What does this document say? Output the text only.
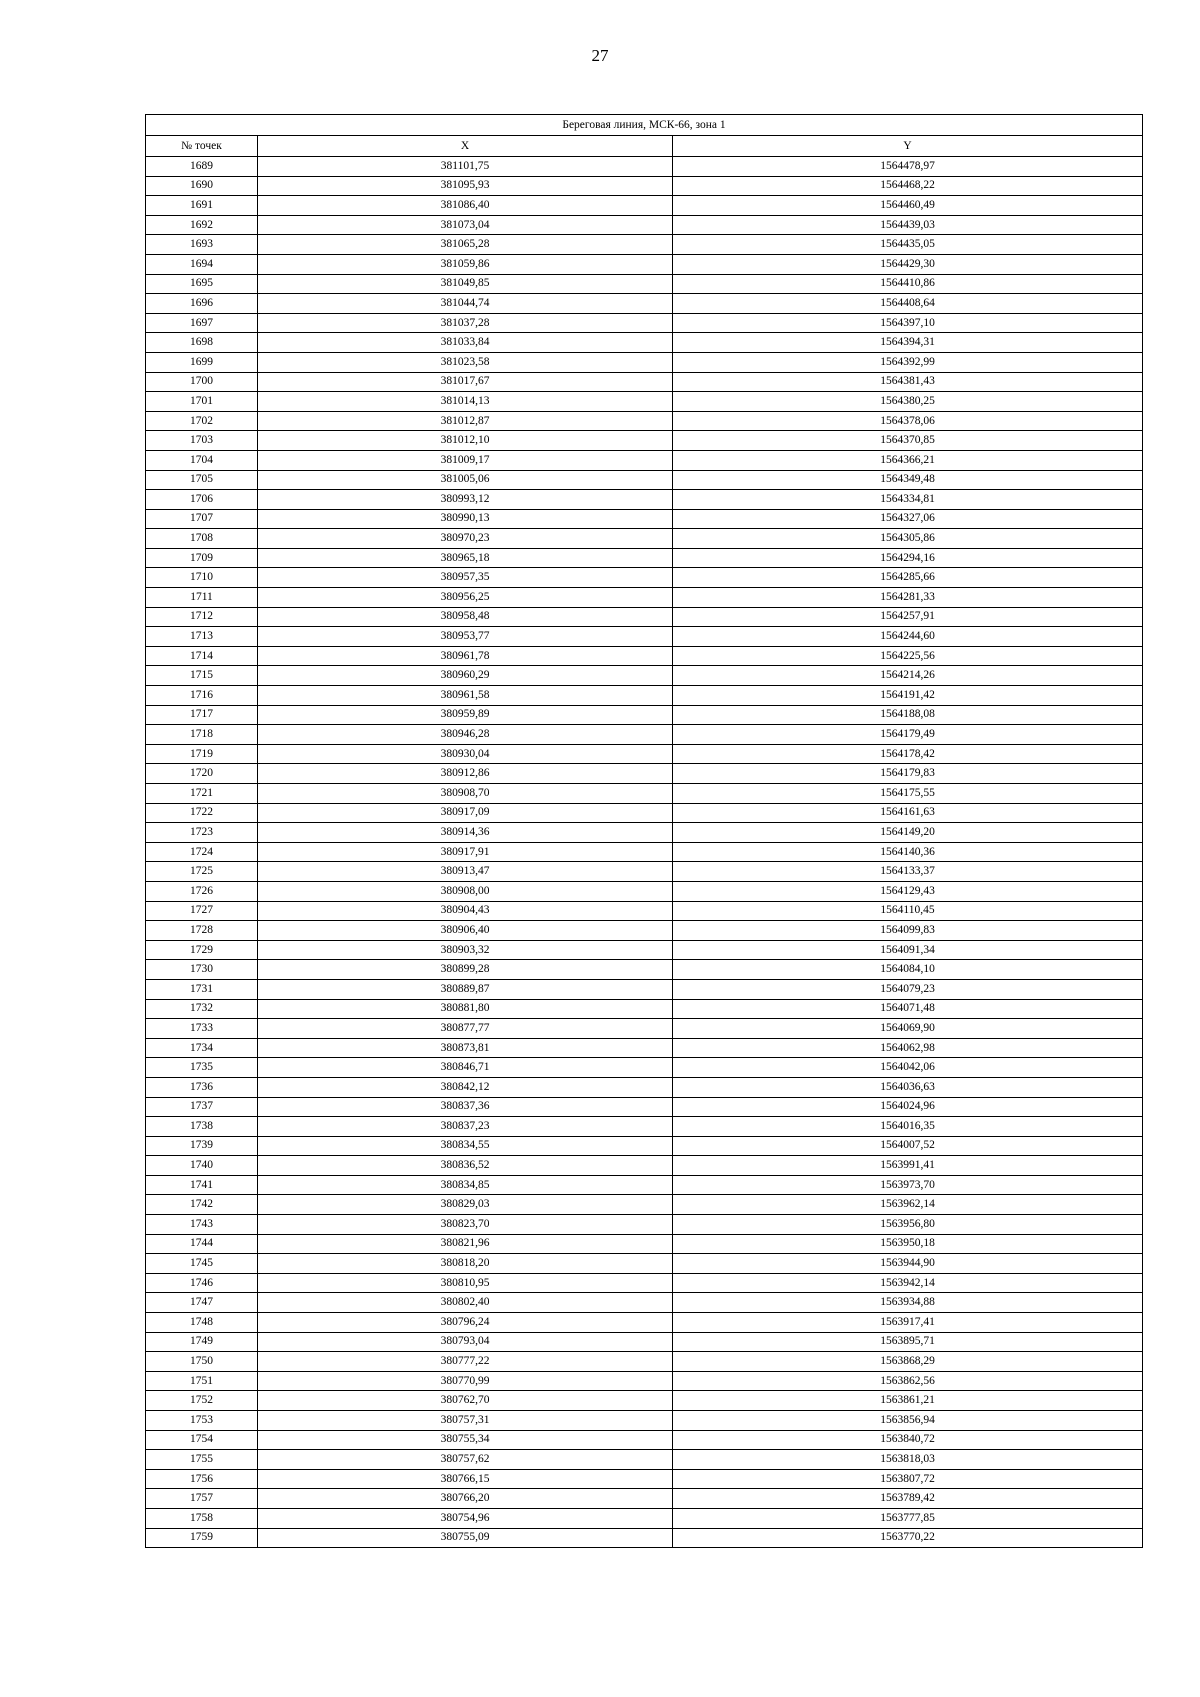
27
Береговая линия, МСК-66, зона 1		
№ точек	X	Y
1689	381101,75	1564478,97
1690	381095,93	1564468,22
1691	381086,40	1564460,49
1692	381073,04	1564439,03
1693	381065,28	1564435,05
1694	381059,86	1564429,30
1695	381049,85	1564410,86
1696	381044,74	1564408,64
1697	381037,28	1564397,10
1698	381033,84	1564394,31
1699	381023,58	1564392,99
1700	381017,67	1564381,43
1701	381014,13	1564380,25
1702	381012,87	1564378,06
1703	381012,10	1564370,85
1704	381009,17	1564366,21
1705	381005,06	1564349,48
1706	380993,12	1564334,81
1707	380990,13	1564327,06
1708	380970,23	1564305,86
1709	380965,18	1564294,16
1710	380957,35	1564285,66
1711	380956,25	1564281,33
1712	380958,48	1564257,91
1713	380953,77	1564244,60
1714	380961,78	1564225,56
1715	380960,29	1564214,26
1716	380961,58	1564191,42
1717	380959,89	1564188,08
1718	380946,28	1564179,49
1719	380930,04	1564178,42
1720	380912,86	1564179,83
1721	380908,70	1564175,55
1722	380917,09	1564161,63
1723	380914,36	1564149,20
1724	380917,91	1564140,36
1725	380913,47	1564133,37
1726	380908,00	1564129,43
1727	380904,43	1564110,45
1728	380906,40	1564099,83
1729	380903,32	1564091,34
1730	380899,28	1564084,10
1731	380889,87	1564079,23
1732	380881,80	1564071,48
1733	380877,77	1564069,90
1734	380873,81	1564062,98
1735	380846,71	1564042,06
1736	380842,12	1564036,63
1737	380837,36	1564024,96
1738	380837,23	1564016,35
1739	380834,55	1564007,52
1740	380836,52	1563991,41
1741	380834,85	1563973,70
1742	380829,03	1563962,14
1743	380823,70	1563956,80
1744	380821,96	1563950,18
1745	380818,20	1563944,90
1746	380810,95	1563942,14
1747	380802,40	1563934,88
1748	380796,24	1563917,41
1749	380793,04	1563895,71
1750	380777,22	1563868,29
1751	380770,99	1563862,56
1752	380762,70	1563861,21
1753	380757,31	1563856,94
1754	380755,34	1563840,72
1755	380757,62	1563818,03
1756	380766,15	1563807,72
1757	380766,20	1563789,42
1758	380754,96	1563777,85
1759	380755,09	1563770,22
